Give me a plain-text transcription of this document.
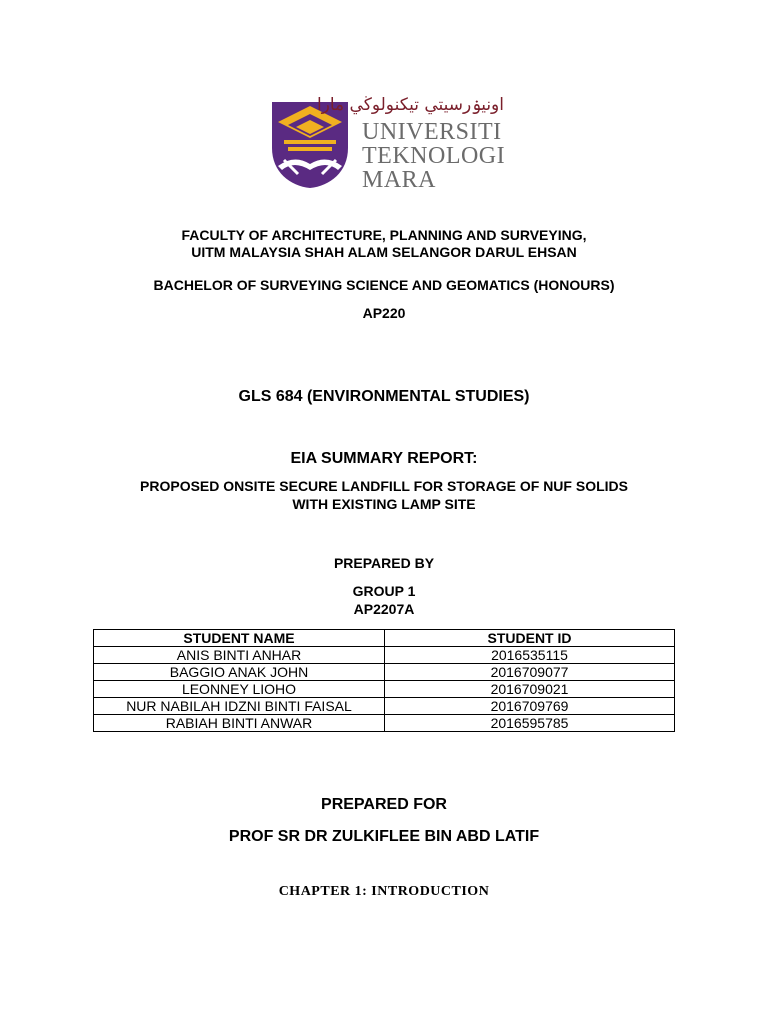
اونيۏرسيتي تيكنولوڬي مارا
UNIVERSITI
TEKNOLOGI
MARA
FACULTY OF ARCHITECTURE, PLANNING AND SURVEYING,
UITM MALAYSIA SHAH ALAM SELANGOR DARUL EHSAN
BACHELOR OF SURVEYING SCIENCE AND GEOMATICS (HONOURS)
AP220
GLS 684 (ENVIRONMENTAL STUDIES)
EIA SUMMARY REPORT:
PROPOSED ONSITE SECURE LANDFILL FOR STORAGE OF NUF SOLIDS
WITH EXISTING LAMP SITE
PREPARED BY
GROUP 1
AP2207A
STUDENT NAME	STUDENT ID
ANIS BINTI ANHAR	2016535115
BAGGIO ANAK JOHN	2016709077
LEONNEY LIOHO	2016709021
NUR NABILAH IDZNI BINTI FAISAL	2016709769
RABIAH BINTI ANWAR	2016595785
PREPARED FOR
PROF SR DR ZULKIFLEE BIN ABD LATIF
CHAPTER 1: INTRODUCTION
